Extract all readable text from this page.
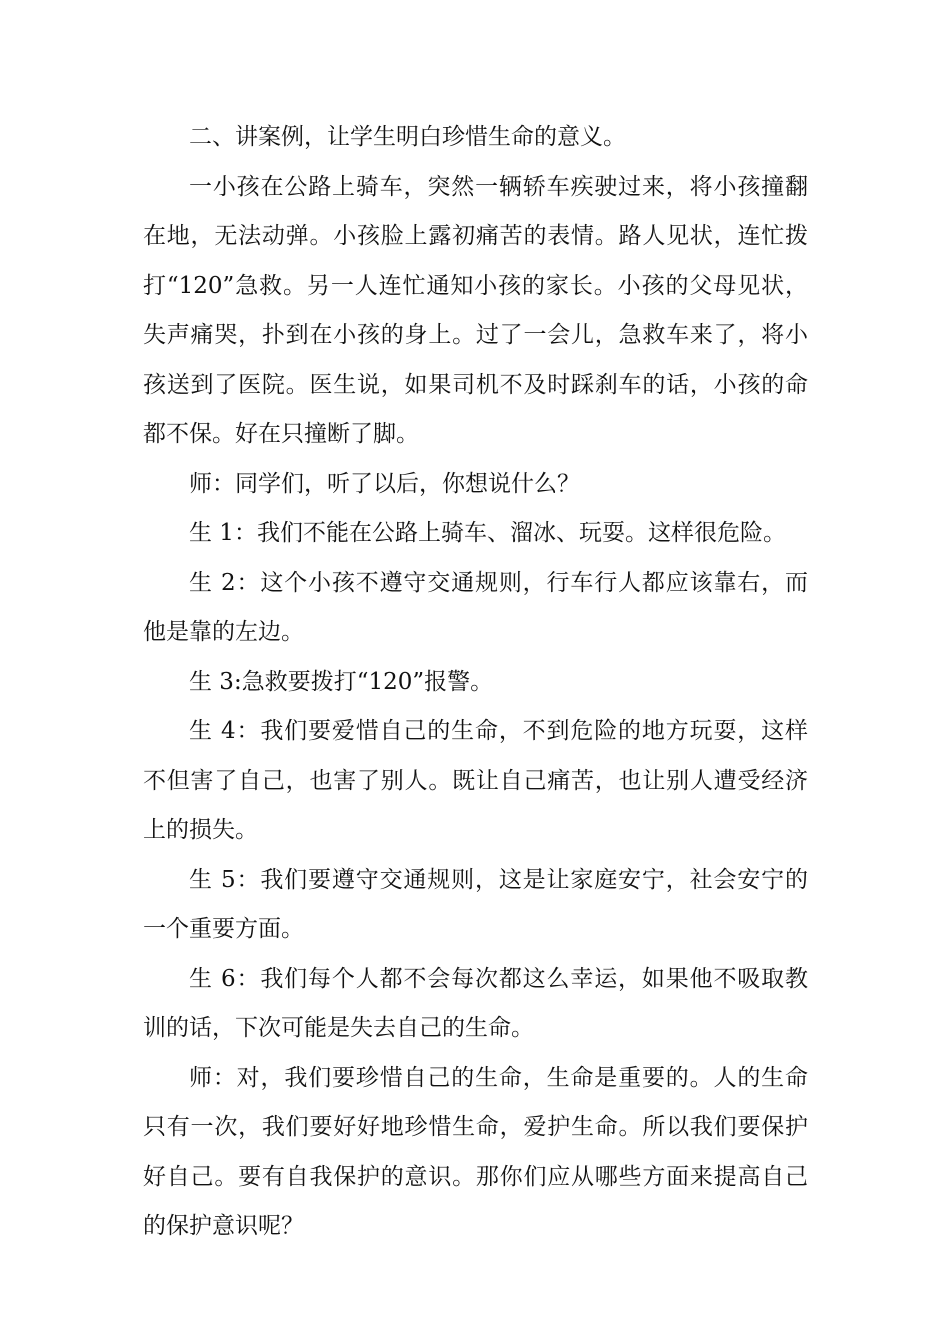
二、讲案例，让学生明白珍惜生命的意义。

一小孩在公路上骑车，突然一辆轿车疾驶过来，将小孩撞翻在地，无法动弹。小孩脸上露初痛苦的表情。路人见状，连忙拨打“120”急救。另一人连忙通知小孩的家长。小孩的父母见状，失声痛哭，扑到在小孩的身上。过了一会儿，急救车来了，将小孩送到了医院。医生说，如果司机不及时踩刹车的话，小孩的命都不保。好在只撞断了脚。

师：同学们，听了以后，你想说什么？

生 1：我们不能在公路上骑车、溜冰、玩耍。这样很危险。

生 2：这个小孩不遵守交通规则，行车行人都应该靠右，而他是靠的左边。

生 3:急救要拨打“120”报警。

生 4：我们要爱惜自己的生命，不到危险的地方玩耍，这样不但害了自己，也害了别人。既让自己痛苦，也让别人遭受经济上的损失。

生 5：我们要遵守交通规则，这是让家庭安宁，社会安宁的一个重要方面。

生 6：我们每个人都不会每次都这么幸运，如果他不吸取教训的话，下次可能是失去自己的生命。

师：对，我们要珍惜自己的生命，生命是重要的。人的生命只有一次，我们要好好地珍惜生命，爱护生命。所以我们要保护好自己。要有自我保护的意识。那你们应从哪些方面来提高自己的保护意识呢？
